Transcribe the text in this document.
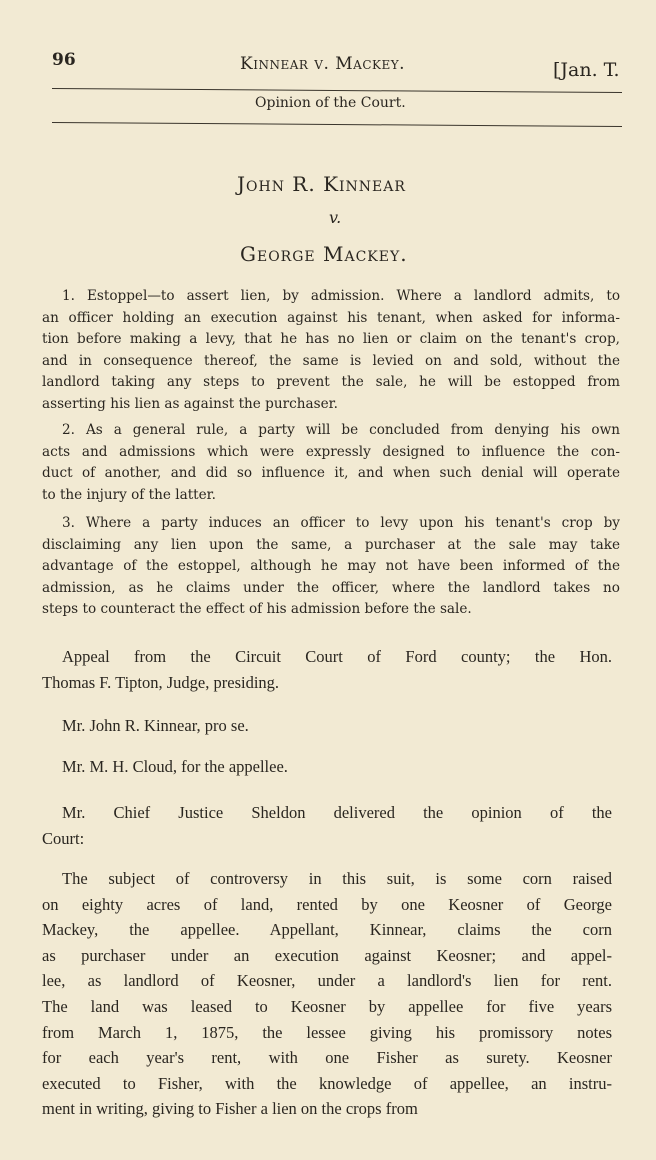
96	Kinnear v. Mackey.	[Jan. T.
Opinion of the Court.
John R. Kinnear
v.
George Mackey.
1. Estoppel—to assert lien, by admission. Where a landlord admits, to
an officer holding an execution against his tenant, when asked for informa-
tion before making a levy, that he has no lien or claim on the tenant's crop,
and in consequence thereof, the same is levied on and sold, without the
landlord taking any steps to prevent the sale, he will be estopped from
asserting his lien as against the purchaser.
2. As a general rule, a party will be concluded from denying his own
acts and admissions which were expressly designed to influence the con-
duct of another, and did so influence it, and when such denial will operate
to the injury of the latter.
3. Where a party induces an officer to levy upon his tenant's crop by
disclaiming any lien upon the same, a purchaser at the sale may take
advantage of the estoppel, although he may not have been informed of the
admission, as he claims under the officer, where the landlord takes no
steps to counteract the effect of his admission before the sale.
Appeal from the Circuit Court of Ford county; the Hon.
Thomas F. Tipton, Judge, presiding.
Mr. John R. Kinnear, pro se.
Mr. M. H. Cloud, for the appellee.
Mr. Chief Justice Sheldon delivered the opinion of the
Court:
The subject of controversy in this suit, is some corn raised
on eighty acres of land, rented by one Keosner of George
Mackey, the appellee. Appellant, Kinnear, claims the corn
as purchaser under an execution against Keosner; and appel-
lee, as landlord of Keosner, under a landlord's lien for rent.
The land was leased to Keosner by appellee for five years
from March 1, 1875, the lessee giving his promissory notes
for each year's rent, with one Fisher as surety. Keosner
executed to Fisher, with the knowledge of appellee, an instru-
ment in writing, giving to Fisher a lien on the crops from
